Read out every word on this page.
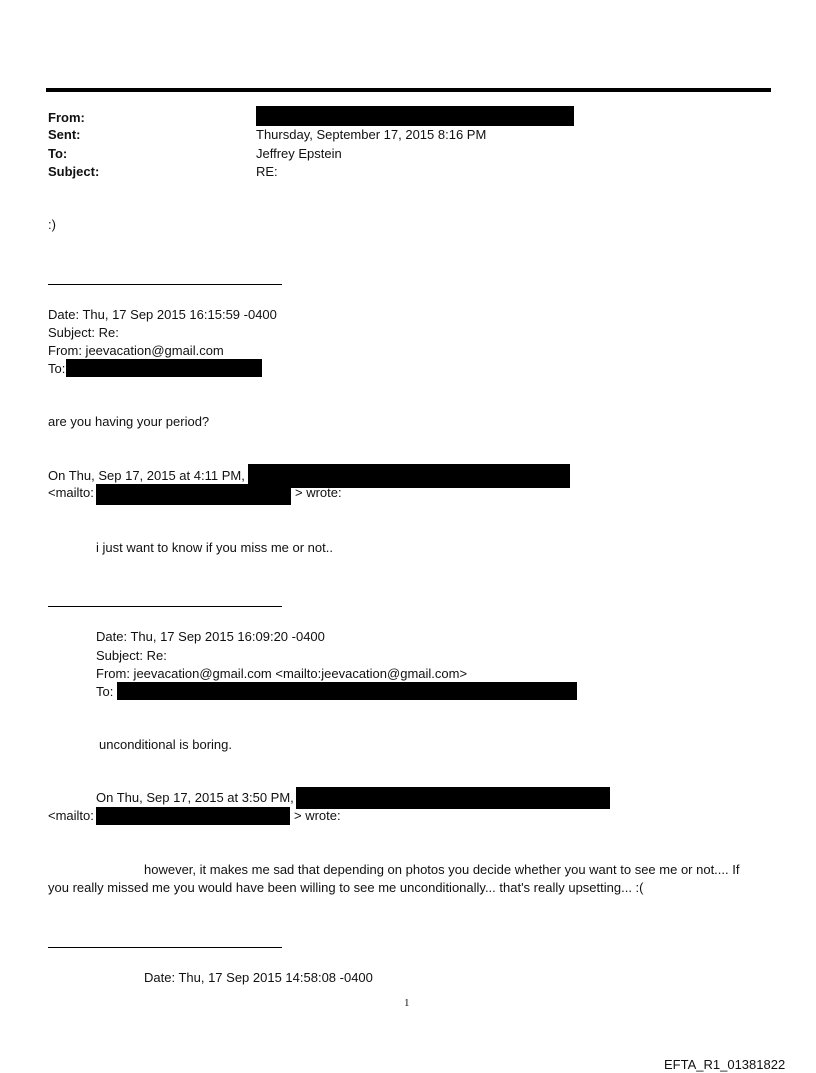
From:
Sent:	Thursday, September 17, 2015 8:16 PM
To:	Jeffrey Epstein
Subject:	RE:
:)
Date: Thu, 17 Sep 2015 16:15:59 -0400
Subject: Re:
From: jeevacation@gmail.com
To:
are you having your period?
On Thu, Sep 17, 2015 at 4:11 PM,
<mailto:	> wrote:
i just want to know if you miss me or not..
Date: Thu, 17 Sep 2015 16:09:20 -0400
Subject: Re:
From: jeevacation@gmail.com <mailto:jeevacation@gmail.com>
To:
unconditional is boring.
On Thu, Sep 17, 2015 at 3:50 PM,
<mailto:	> wrote:
however, it makes me sad that depending on photos you decide whether you want to see me or not.... If
you really missed me you would have been willing to see me unconditionally... that's really upsetting... :(
Date: Thu, 17 Sep 2015 14:58:08 -0400
1
EFTA_R1_01381822
